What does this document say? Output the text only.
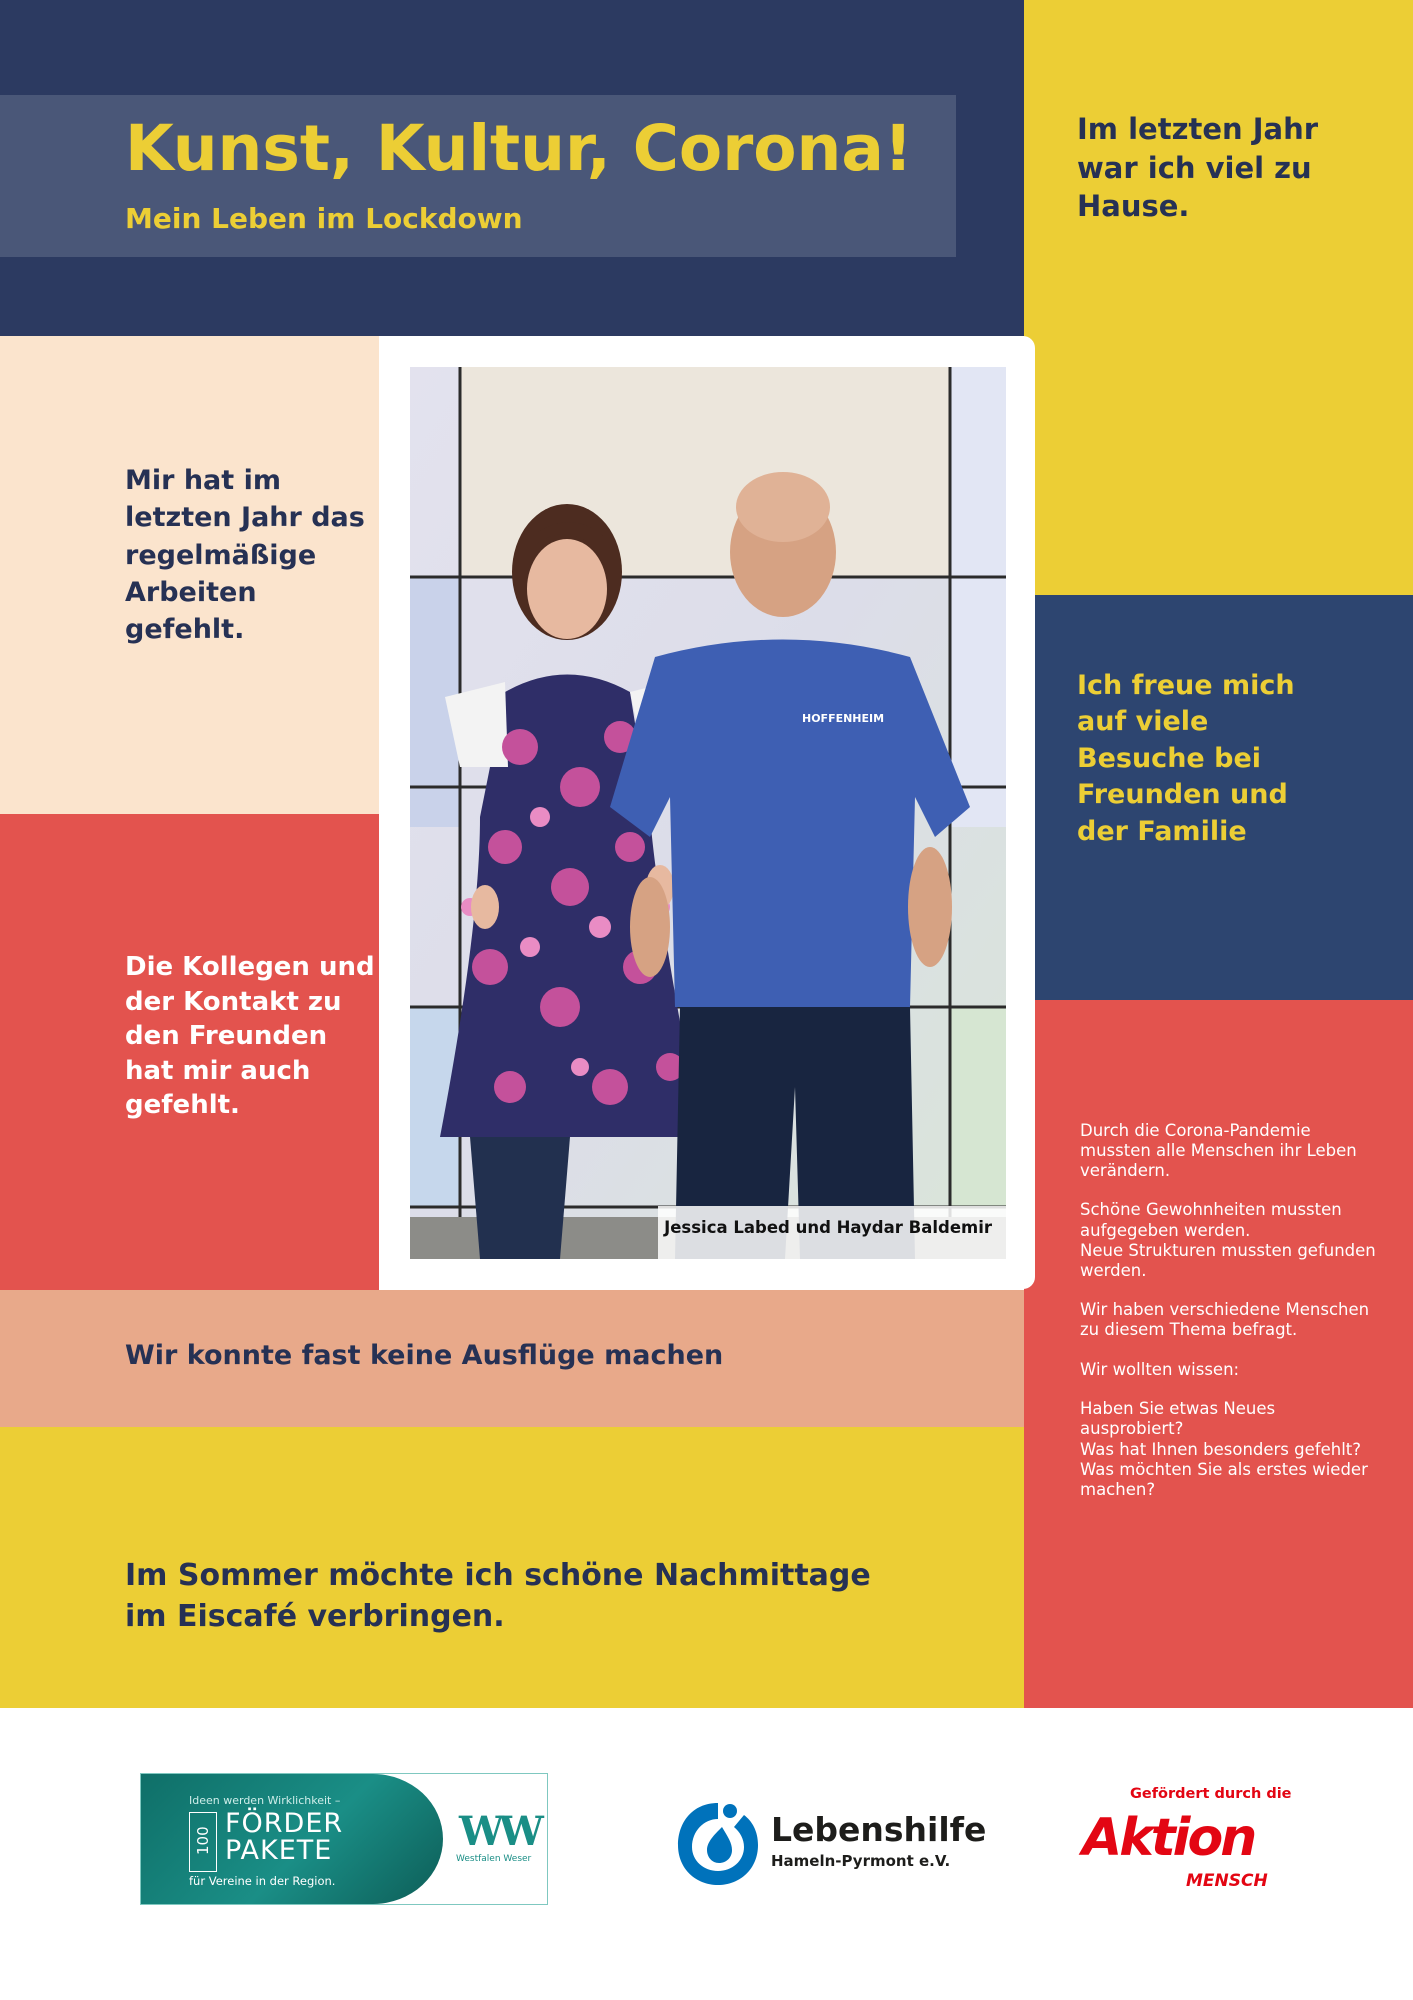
Kunst, Kultur, Corona!
Mein Leben im Lockdown
Im letzten Jahr war ich viel zu Hause.
Mir hat im letzten Jahr das regelmäßige Arbeiten gefehlt.
Ich freue mich auf viele Besuche bei Freunden und der Familie
Die Kollegen und der Kontakt zu den Freunden hat mir auch gefehlt.
Wir konnte fast keine Ausflüge machen
Im Sommer möchte ich schöne Nachmittage im Eiscafé verbringen.
HOFFENHEIM
Jessica Labed und Haydar Baldemir

Durch die Corona-Pandemie mussten alle Menschen ihr Leben verändern.

Schöne Gewohnheiten mussten aufgegeben werden.

Neue Strukturen mussten gefunden werden.

Wir haben verschiedene Menschen zu diesem Thema befragt.

Wir wollten wissen:

Haben Sie etwas Neues ausprobiert?
Was hat Ihnen besonders gefehlt?
Was möchten Sie als erstes wieder machen?
Ideen werden Wirklichkeit –
100
FÖRDER
PAKETE
für Vereine in der Region.
WW
Westfalen Weser
Lebenshilfe
Hameln-Pyrmont e.V.
Gefördert durch die
Aktion
MENSCH
